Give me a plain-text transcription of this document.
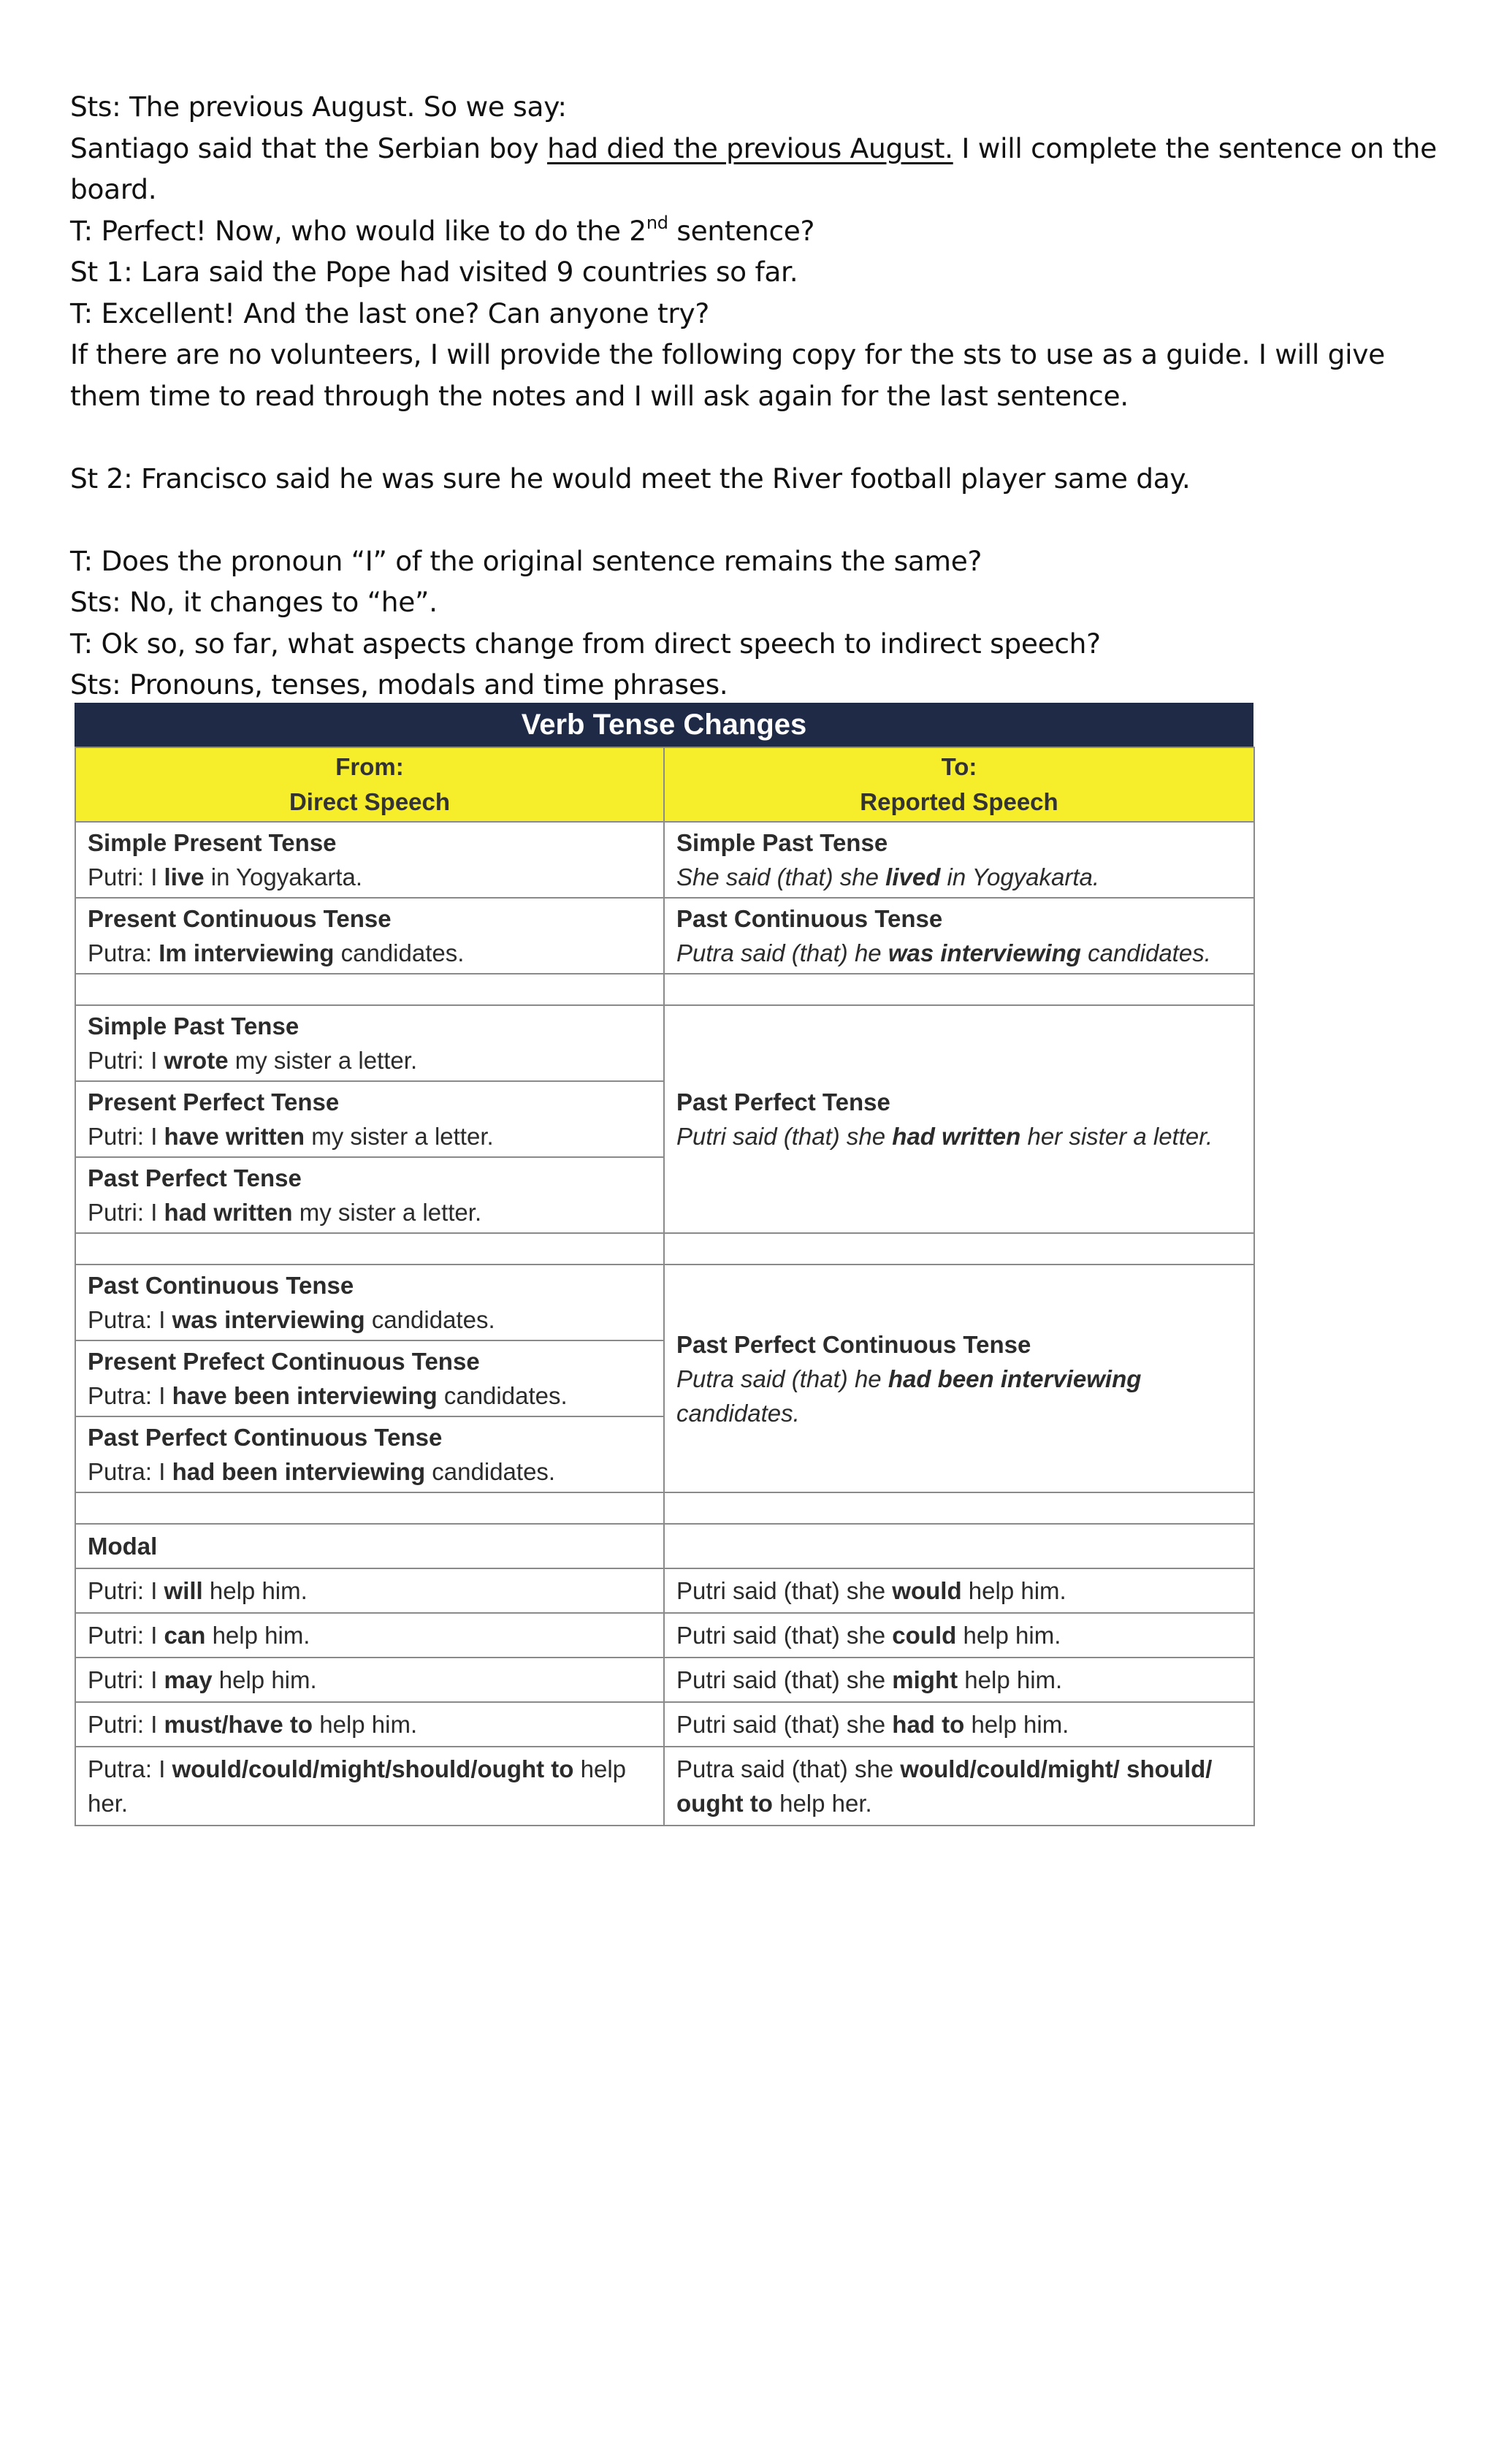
Sts: The previous August. So we say:

Santiago said that the Serbian boy had died the previous August. I will complete the sentence on the board.

T: Perfect! Now, who would like to do the 2nd sentence?

St 1: Lara said the Pope had visited 9 countries so far.

T: Excellent! And the last one? Can anyone try?

If there are no volunteers, I will provide the following copy for the sts to use as a guide. I will give them time to read through the notes and I will ask again for the last sentence.

St 2: Francisco said he was sure he would meet the River football player same day.

T: Does the pronoun “I” of the original sentence remains the same?

Sts: No, it changes to “he”.

T: Ok so, so far, what aspects change from direct speech to indirect speech?

Sts: Pronouns, tenses, modals and time phrases.

Verb Tense Changes
From:
Direct Speech	To:
Reported Speech

Simple Present Tense
Putri: I live in Yogyakarta.	Simple Past Tense
She said (that) she lived in Yogyakarta.

Present Continuous Tense
Putra: Im interviewing candidates.	Past Continuous Tense
Putra said (that) he was interviewing candidates.

Simple Past Tense
Putri: I wrote my sister a letter.	Past Perfect Tense
Putri said (that) she had written her sister a letter.

Present Perfect Tense
Putri: I have written my sister a letter.	

Past Perfect Tense
Putri: I had written my sister a letter.	

Past Continuous Tense
Putra: I was interviewing candidates.	Past Perfect Continuous Tense
Putra said (that) he had been interviewing candidates.

Present Prefect Continuous Tense
Putra: I have been interviewing candidates.	

Past Perfect Continuous Tense
Putra: I had been interviewing candidates.	

Modal	

Putri: I will help him.	Putri said (that) she would help him.
Putri: I can help him.	Putri said (that) she could help him.
Putri: I may help him.	Putri said (that) she might help him.
Putri: I must/have to help him.	Putri said (that) she had to help him.
Putra: I would/could/might/should/ought to help her.	Putra said (that) she would/could/might/ should/ ought to help her.
